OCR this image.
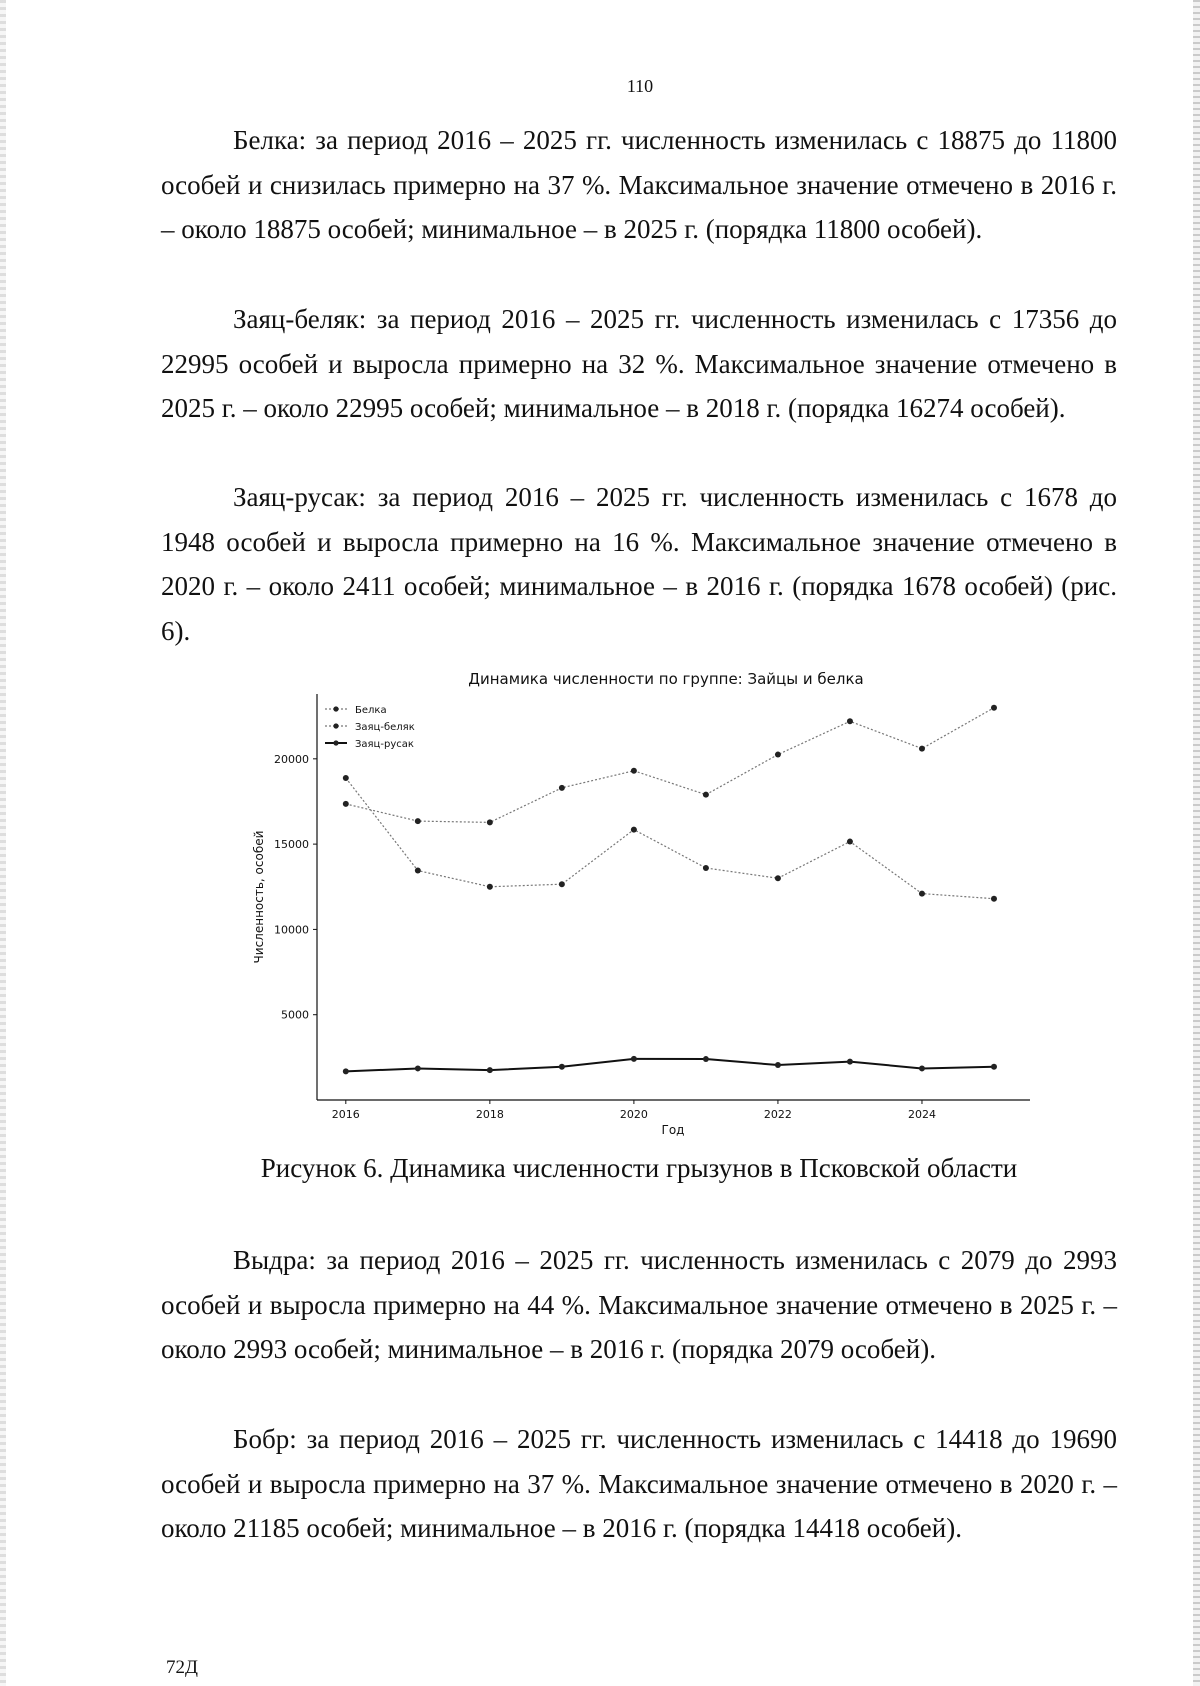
110

Белка: за период 2016 – 2025 гг. численность изменилась с 18875 до 11800 особей и снизилась примерно на 37 %. Максимальное значение отмечено в 2016 г. – около 18875 особей; минимальное – в 2025 г. (порядка 11800 особей).

Заяц-беляк: за период 2016 – 2025 гг. численность изменилась с 17356 до 22995 особей и выросла примерно на 32 %. Максимальное значение отмечено в 2025 г. – около 22995 особей; минимальное – в 2018 г. (порядка 16274 особей).

Заяц-русак: за период 2016 – 2025 гг. численность изменилась с 1678 до 1948 особей и выросла примерно на 16 %. Максимальное значение отмечено в 2020 г. – около 2411 особей; минимальное – в 2016 г. (порядка 1678 особей) (рис. 6).

Динамика численности по группе: Зайцы и белка
2016	2018	2020	2022	2024
5000
10000
15000
20000
Белка
Заяц-беляк
Заяц-русак
Год
Численность, особей

Рисунок 6. Динамика численности грызунов в Псковской области

Выдра: за период 2016 – 2025 гг. численность изменилась с 2079 до 2993 особей и выросла примерно на 44 %. Максимальное значение отмечено в 2025 г. – около 2993 особей; минимальное – в 2016 г. (порядка 2079 особей).

Бобр: за период 2016 – 2025 гг. численность изменилась с 14418 до 19690 особей и выросла примерно на 37 %. Максимальное значение отмечено в 2020 г. – около 21185 особей; минимальное – в 2016 г. (порядка 14418 особей).

72Д
